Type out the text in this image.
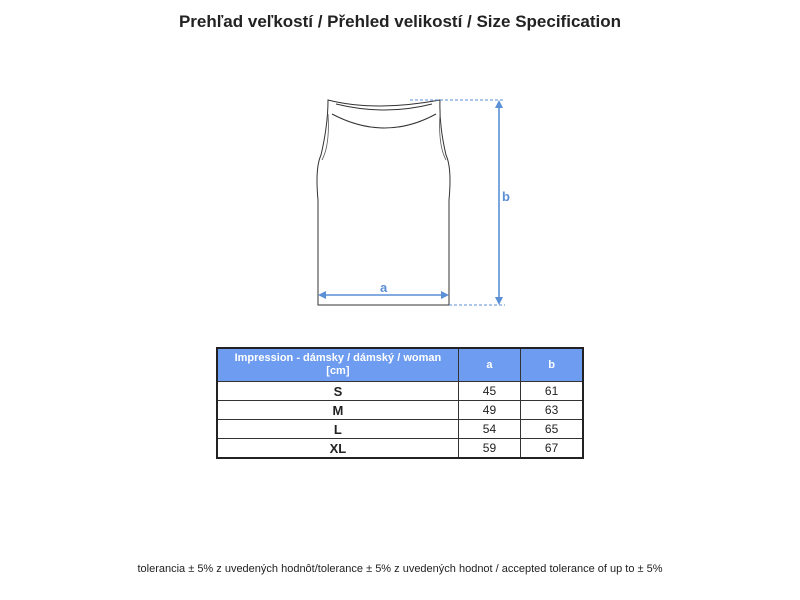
Prehľad veľkostí / Přehled velikostí / Size Specification
a
b
Impression - dámsky / dámský / woman [cm]	a	b
S	45	61
M	49	63
L	54	65
XL	59	67
tolerancia ± 5% z uvedených hodnôt/tolerance ± 5% z uvedených hodnot / accepted tolerance of up to ± 5%
